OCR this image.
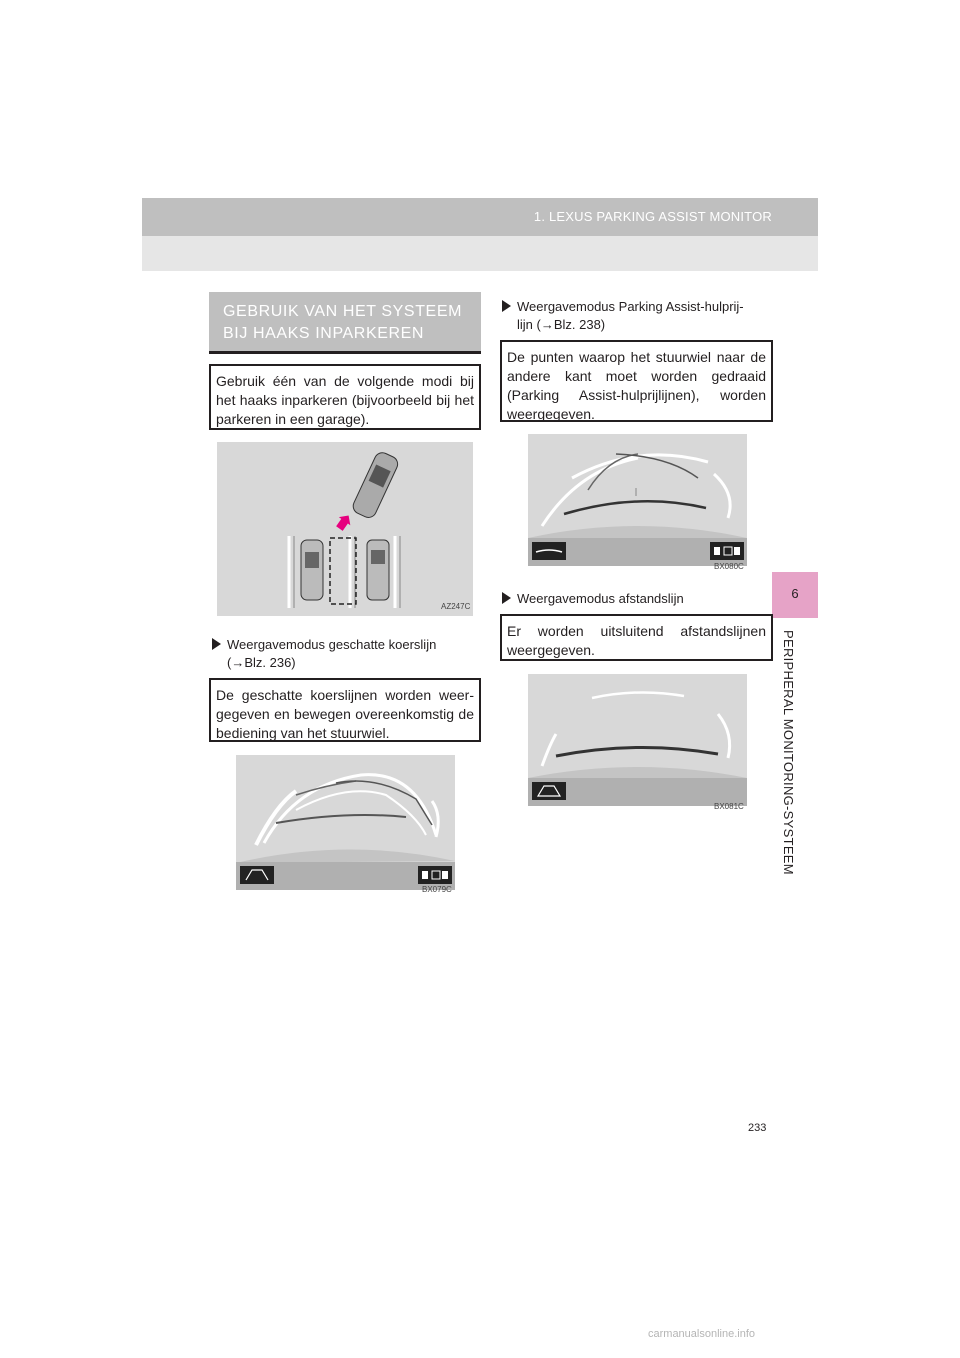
1. LEXUS PARKING ASSIST MONITOR
6
PERIPHERAL MONITORING-SYSTEEM
GEBRUIK VAN HET SYSTEEM
BIJ HAAKS INPARKEREN
Gebruik één van de volgende modi bij het haaks inparkeren (bijvoorbeeld bij het parkeren in een garage).
AZ247C
Weergavemodus geschatte koerslijn
(→Blz. 236)
De geschatte koerslijnen worden weer-gegeven en bewegen overeenkomstig de bediening van het stuurwiel.
BX079C
Weergavemodus Parking Assist-hulprij-
lijn (→Blz. 238)
De punten waarop het stuurwiel naar de andere kant moet worden gedraaid (Parking Assist-hulprijlijnen), worden weergegeven.
BX080C
Weergavemodus afstandslijn
Er worden uitsluitend afstandslijnen weergegeven.
BX081C
233
carmanualsonline.info
